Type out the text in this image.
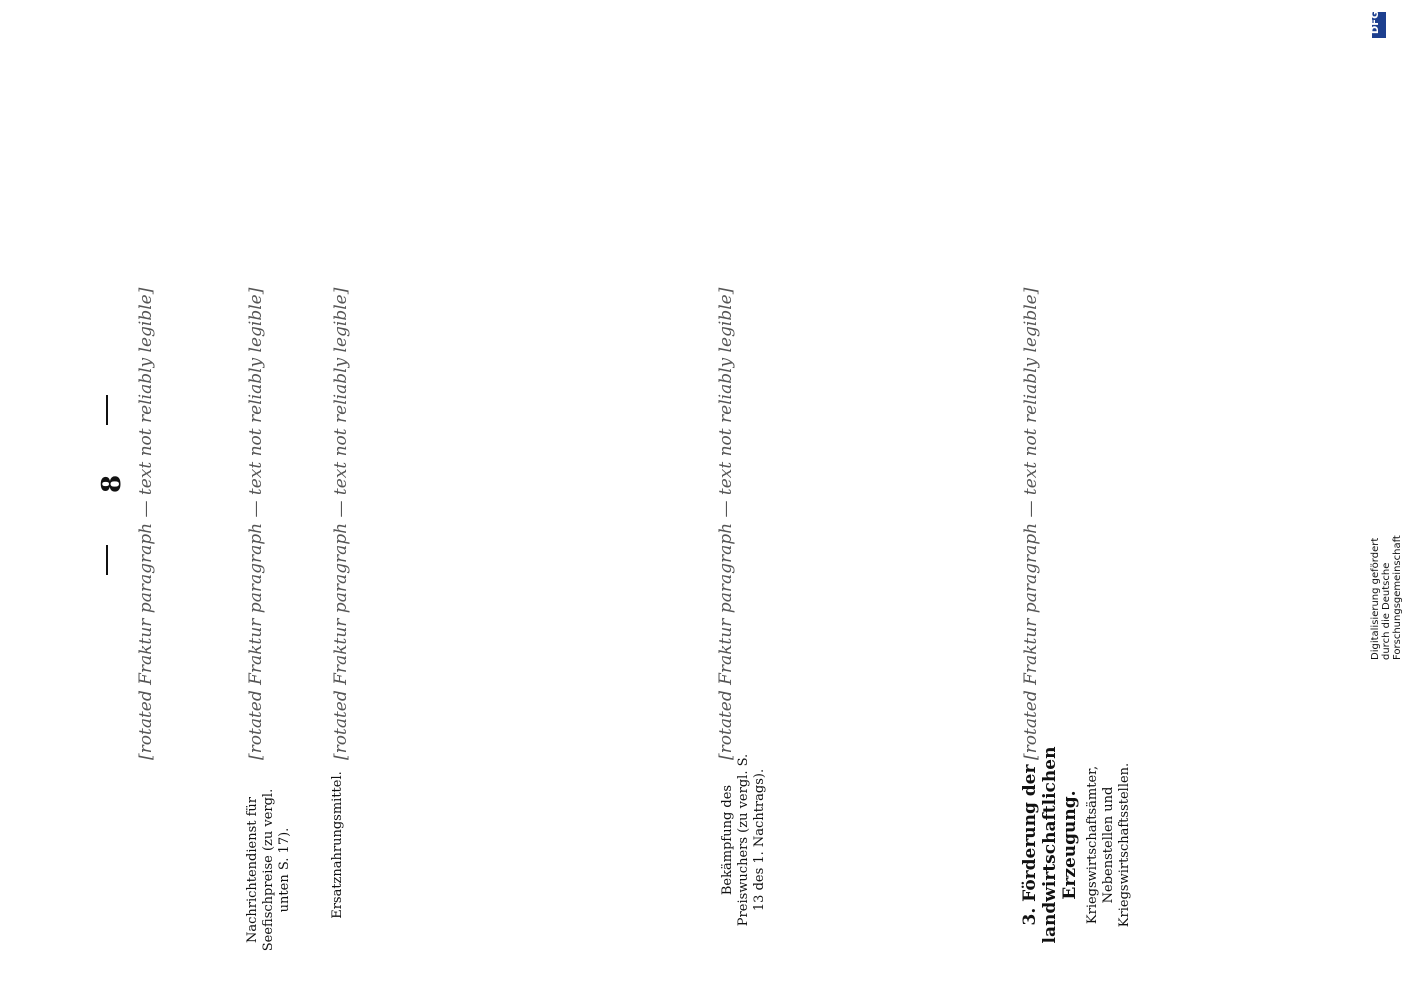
8 [rotated Fraktur paragraph — text not reliably legible]	[rotated Fraktur paragraph — text not reliably legible]	[rotated Fraktur paragraph — text not reliably legible]	[rotated Fraktur paragraph — text not reliably legible]	[rotated Fraktur paragraph — text not reliably legible]
Nachrichtendienst für Seefischpreise (zu vergl. unten S. 17).	Ersatznahrungsmittel.	Bekämpfung des Preiswuchers (zu vergl. S. 13 des 1. Nachtrags).	3. Förderung der landwirtschaftlichen Erzeugung. Kriegswirtschaftsämter, Nebenstellen und Kriegswirtschaftsstellen.
DFG
Digitalisierung gefördert durch die Deutsche Forschungsgemeinschaft
